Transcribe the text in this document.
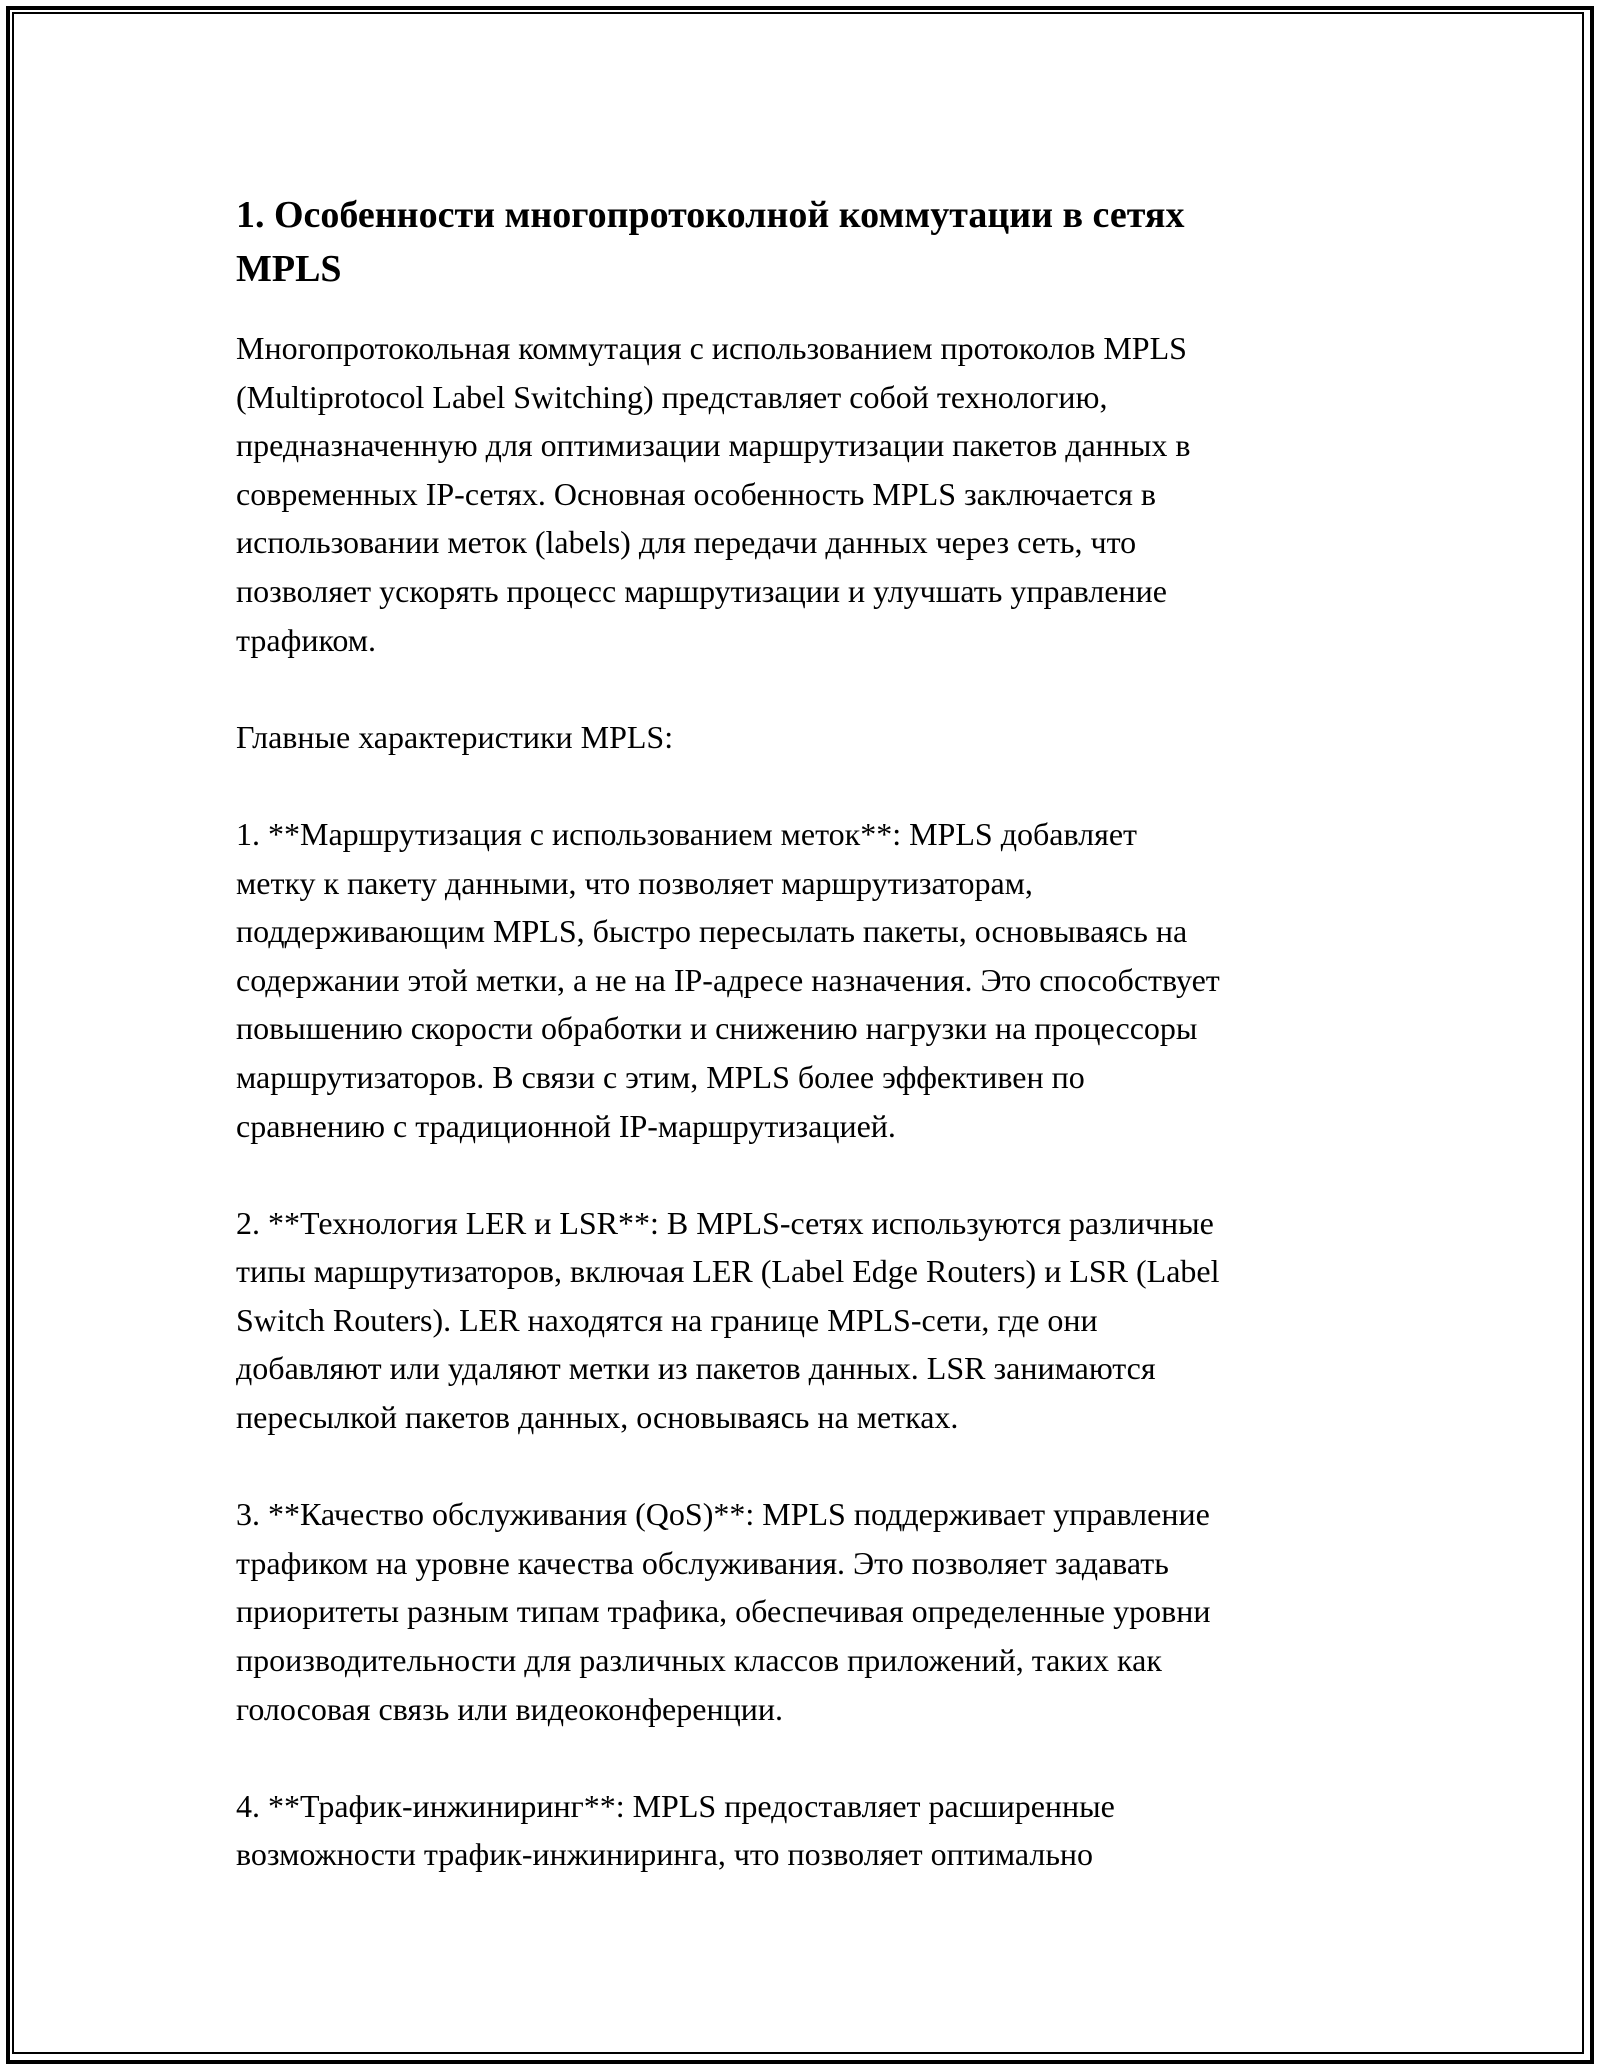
1. Особенности многопротоколной коммутации в сетях
MPLS

Многопротокольная коммутация с использованием протоколов MPLS
(Multiprotocol Label Switching) представляет собой технологию,
предназначенную для оптимизации маршрутизации пакетов данных в
современных IP-сетях. Основная особенность MPLS заключается в
использовании меток (labels) для передачи данных через сеть, что
позволяет ускорять процесс маршрутизации и улучшать управление
трафиком.

Главные характеристики MPLS:

1. **Маршрутизация с использованием меток**: MPLS добавляет
метку к пакету данными, что позволяет маршрутизаторам,
поддерживающим MPLS, быстро пересылать пакеты, основываясь на
содержании этой метки, а не на IP-адресе назначения. Это способствует
повышению скорости обработки и снижению нагрузки на процессоры
маршрутизаторов. В связи с этим, MPLS более эффективен по
сравнению с традиционной IP-маршрутизацией.

2. **Технология LER и LSR**: В MPLS-сетях используются различные
типы маршрутизаторов, включая LER (Label Edge Routers) и LSR (Label
Switch Routers). LER находятся на границе MPLS-сети, где они
добавляют или удаляют метки из пакетов данных. LSR занимаются
пересылкой пакетов данных, основываясь на метках.

3. **Качество обслуживания (QoS)**: MPLS поддерживает управление
трафиком на уровне качества обслуживания. Это позволяет задавать
приоритеты разным типам трафика, обеспечивая определенные уровни
производительности для различных классов приложений, таких как
голосовая связь или видеоконференции.

4. **Трафик-инжиниринг**: MPLS предоставляет расширенные
возможности трафик-инжиниринга, что позволяет оптимально
